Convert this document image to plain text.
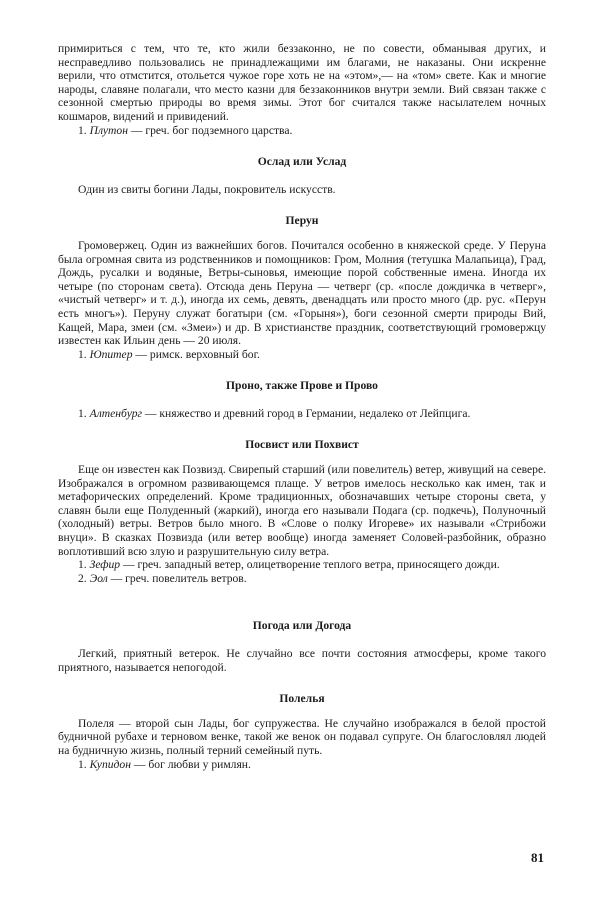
примириться с тем, что те, кто жили беззаконно, не по совести, обманывая других, и несправедливо пользовались не принадлежащими им благами, не наказаны. Они искренне верили, что отмстится, отольется чужое горе хоть не на «этом»,— на «том» свете. Как и многие народы, славяне полагали, что место казни для беззаконников внутри земли. Вий связан также с сезонной смертью природы во время зимы. Этот бог считался также насылателем ночных кошмаров, видений и привидений.

1. Плутон — греч. бог подземного царства.

Ослад или Услад

Один из свиты богини Лады, покровитель искусств.

Перун

Громовержец. Один из важнейших богов. Почитался особенно в княжеской среде. У Перуна была огромная свита из родственников и помощников: Гром, Молния (тетушка Малапьица), Град, Дождь, русалки и водяные, Ветры-сыновья, имеющие порой собственные имена. Иногда их четыре (по сторонам света). Отсюда день Перуна — четверг (ср. «после дождичка в четверг», «чистый четверг» и т. д.), иногда их семь, девять, двенадцать или просто много (др. рус. «Перун есть многъ»). Перуну служат богатыри (см. «Горыня»), боги сезонной смерти природы Вий, Кащей, Мара, змеи (см. «Змеи») и др. В христианстве праздник, соответствующий громовержцу известен как Ильин день — 20 июля.

1. Юпитер — римск. верховный бог.

Проно, также Прове и Прово

1. Алтенбург — княжество и древний город в Германии, недалеко от Лейпцига.

Посвист или Похвист

Еще он известен как Позвизд. Свирепый старший (или повелитель) ветер, живущий на севере. Изображался в огромном развивающемся плаще. У ветров имелось несколько как имен, так и метафорических определений. Кроме традиционных, обозначавших четыре стороны света, у славян были еще Полуденный (жаркий), иногда его называли Подага (ср. подкечь), Полуночный (холодный) ветры. Ветров было много. В «Слове о полку Игореве» их называли «Стрибожи внуци». В сказках Позвизда (или ветер вообще) иногда заменяет Соловей-разбойник, образно воплотивший всю злую и разрушительную силу ветра.

1. Зефир — греч. западный ветер, олицетворение теплого ветра, приносящего дожди.

2. Эол — греч. повелитель ветров.

Погода или Догода

Легкий, приятный ветерок. Не случайно все почти состояния атмосферы, кроме такого приятного, называется непогодой.

Полелья

Полеля — второй сын Лады, бог супружества. Не случайно изображался в белой простой будничной рубахе и терновом венке, такой же венок он подавал супруге. Он благословлял людей на будничную жизнь, полный терний семейный путь.

1. Купидон — бог любви у римлян.

81
